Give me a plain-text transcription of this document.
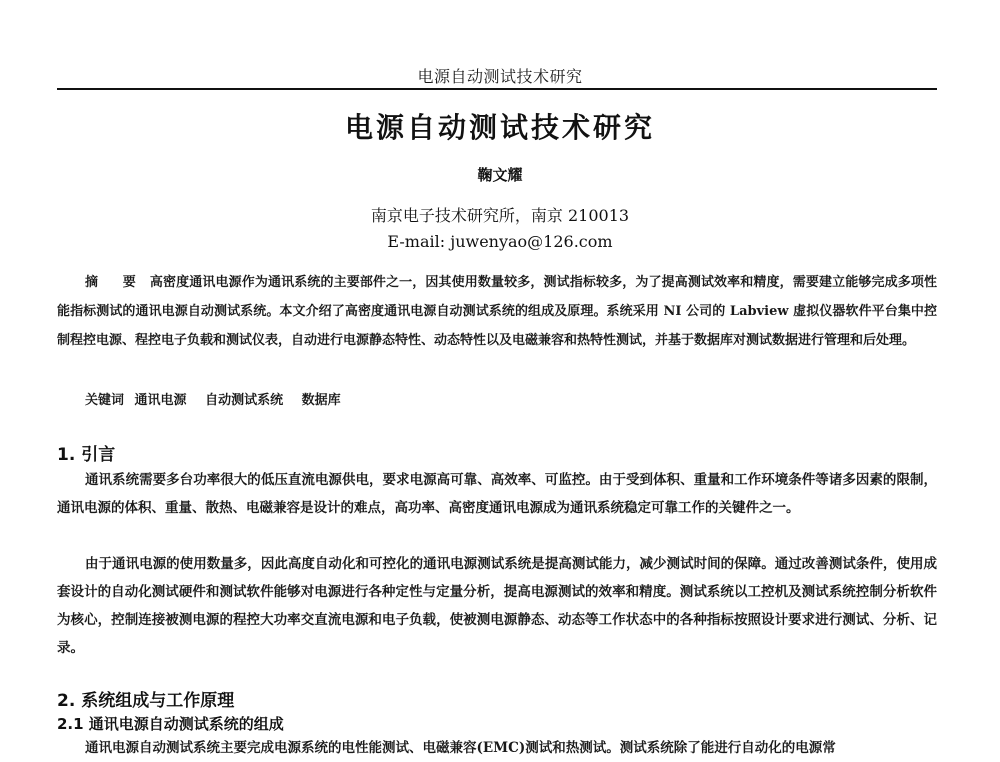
电源自动测试技术研究
电源自动测试技术研究
鞠文耀
南京电子技术研究所，南京 210013
E-mail: juwenyao@126.com

摘 要 高密度通讯电源作为通讯系统的主要部件之一，因其使用数量较多，测试指标较多，为了提高测试效率和精度，需要建立能够完成多项性能指标测试的通讯电源自动测试系统。本文介绍了高密度通讯电源自动测试系统的组成及原理。系统采用 NI 公司的 Labview 虚拟仪器软件平台集中控制程控电源、程控电子负载和测试仪表，自动进行电源静态特性、动态特性以及电磁兼容和热特性测试，并基于数据库对测试数据进行管理和后处理。

关键词 通讯电源 自动测试系统 数据库
1. 引言

通讯系统需要多台功率很大的低压直流电源供电，要求电源高可靠、高效率、可监控。由于受到体积、重量和工作环境条件等诸多因素的限制，通讯电源的体积、重量、散热、电磁兼容是设计的难点，高功率、高密度通讯电源成为通讯系统稳定可靠工作的关键件之一。

由于通讯电源的使用数量多，因此高度自动化和可控化的通讯电源测试系统是提高测试能力，减少测试时间的保障。通过改善测试条件，使用成套设计的自动化测试硬件和测试软件能够对电源进行各种定性与定量分析，提高电源测试的效率和精度。测试系统以工控机及测试系统控制分析软件为核心，控制连接被测电源的程控大功率交直流电源和电子负载，使被测电源静态、动态等工作状态中的各种指标按照设计要求进行测试、分析、记录。

2. 系统组成与工作原理
2.1 通讯电源自动测试系统的组成

通讯电源自动测试系统主要完成电源系统的电性能测试、电磁兼容(EMC)测试和热测试。测试系统除了能进行自动化的电源常
